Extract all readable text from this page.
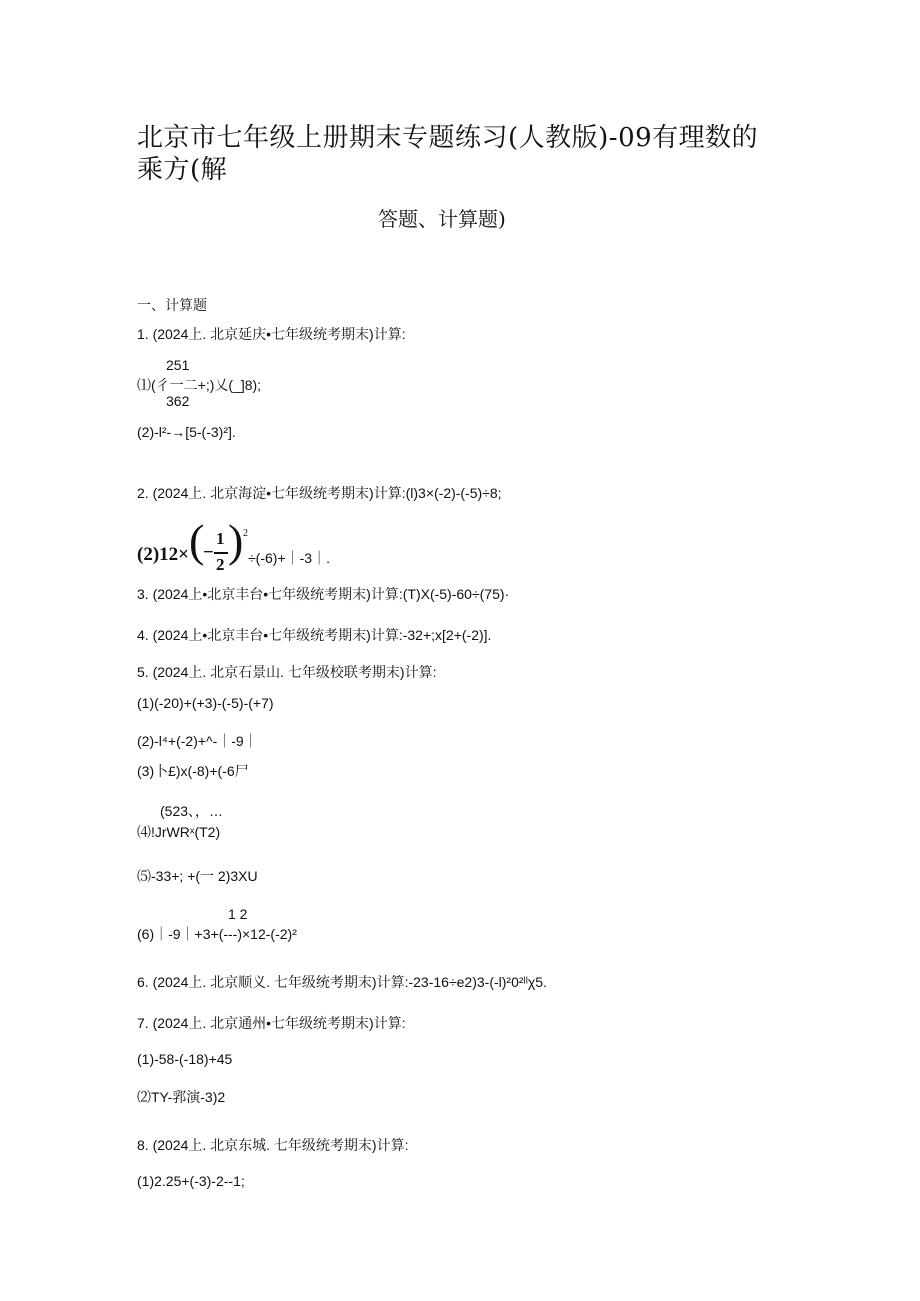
北京市七年级上册期末专题练习(人教版)-09有理数的
乘方(解
答题、计算题)
一、计算题
1. (2024上. 北京延庆•七年级统考期末)计算:
251
⑴(彳一二+;)乂(_]8);
362
(2)-l²-→[5-(-3)²].
2. (2024上. 北京海淀•七年级统考期末)计算:(l)3×(-2)-(-5)÷8;
(2)12× (
−
1
2 ) 2
÷(-6)+｜-3｜.
3. (2024上•北京丰台•七年级统考期末)计算:(T)X(-5)-60÷(75)·
4. (2024上•北京丰台•七年级统考期末)计算:-32+;x[2+(-2)].
5. (2024上. 北京石景山. 七年级校联考期末)计算:
(1)(-20)+(+3)-(-5)-(+7)
(2)-l⁴+(-2)+^-｜-9｜
(3)卜£)x(-8)+(-6尸
(523、，…
⑷!JrWRˣ(T2)
⑸-33+; +(一 2)3XU
1 2
(6)｜-9｜+3+(---)×12-(-2)²
6. (2024上. 北京顺义. 七年级统考期末)计算:-23-16÷e2)3-(-l)²0²ˡˡχ5.
7. (2024上. 北京通州•七年级统考期末)计算:
(1)-58-(-18)+45
⑵TY-郛演-3)2
8. (2024上. 北京东城. 七年级统考期末)计算:
(1)2.25+(-3)-2--1;
